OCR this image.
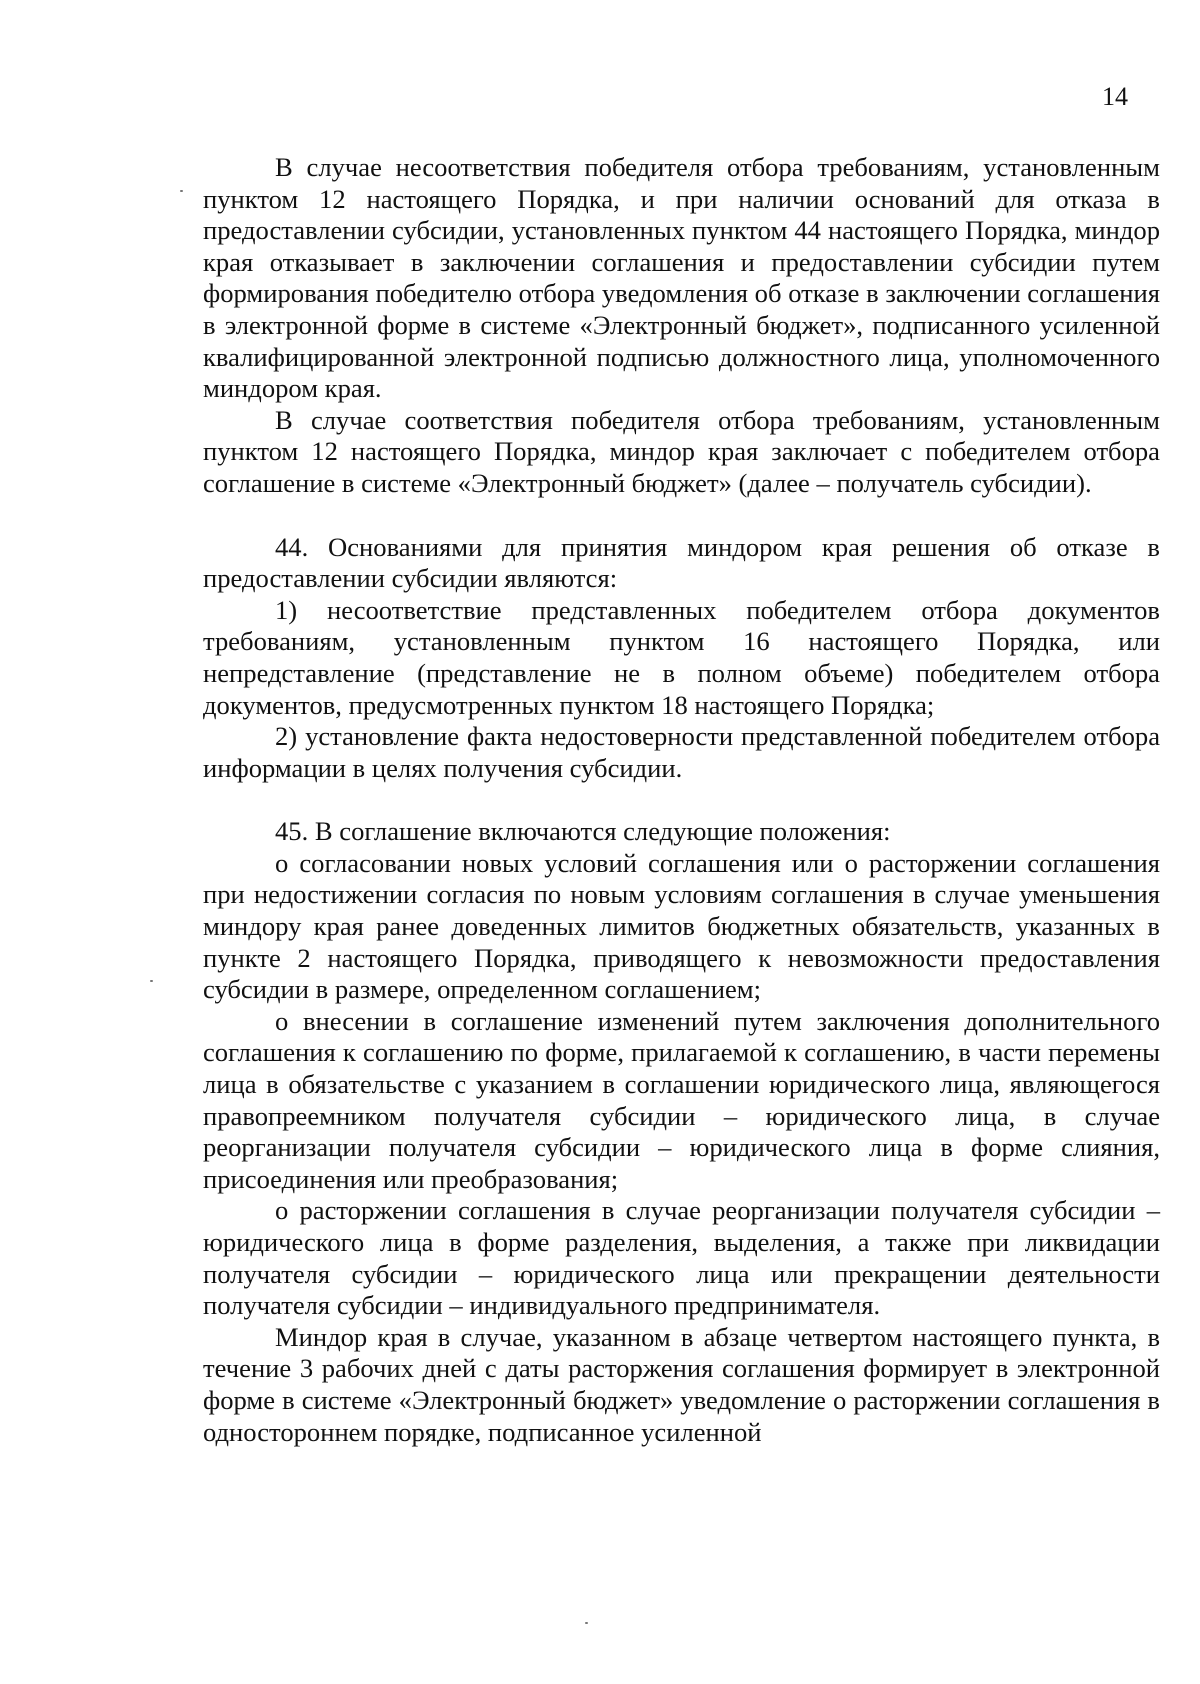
14

В случае несоответствия победителя отбора требованиям, установленным пунктом 12 настоящего Порядка, и при наличии оснований для отказа в предоставлении субсидии, установленных пунктом 44 настоящего Порядка, миндор края отказывает в заключении соглашения и предоставлении субсидии путем формирования победителю отбора уведомления об отказе в заключении соглашения в электронной форме в системе «Электронный бюджет», подписанного усиленной квалифицированной электронной подписью должностного лица, уполномоченного миндором края.

В случае соответствия победителя отбора требованиям, установленным пунктом 12 настоящего Порядка, миндор края заключает с победителем отбора соглашение в системе «Электронный бюджет» (далее – получатель субсидии).

44. Основаниями для принятия миндором края решения об отказе в предоставлении субсидии являются:

1) несоответствие представленных победителем отбора документов требованиям, установленным пунктом 16 настоящего Порядка, или непредставление (представление не в полном объеме) победителем отбора документов, предусмотренных пунктом 18 настоящего Порядка;

2) установление факта недостоверности представленной победителем отбора информации в целях получения субсидии.

45. В соглашение включаются следующие положения:

о согласовании новых условий соглашения или о расторжении соглашения при недостижении согласия по новым условиям соглашения в случае уменьшения миндору края ранее доведенных лимитов бюджетных обязательств, указанных в пункте 2 настоящего Порядка, приводящего к невозможности предоставления субсидии в размере, определенном соглашением;

о внесении в соглашение изменений путем заключения дополнительного соглашения к соглашению по форме, прилагаемой к соглашению, в части перемены лица в обязательстве с указанием в соглашении юридического лица, являющегося правопреемником получателя субсидии – юридического лица, в случае реорганизации получателя субсидии – юридического лица в форме слияния, присоединения или преобразования;

о расторжении соглашения в случае реорганизации получателя субсидии – юридического лица в форме разделения, выделения, а также при ликвидации получателя субсидии – юридического лица или прекращении деятельности получателя субсидии – индивидуального предпринимателя.

Миндор края в случае, указанном в абзаце четвертом настоящего пункта, в течение 3 рабочих дней с даты расторжения соглашения формирует в электронной форме в системе «Электронный бюджет» уведомление о расторжении соглашения в одностороннем порядке, подписанное усиленной
